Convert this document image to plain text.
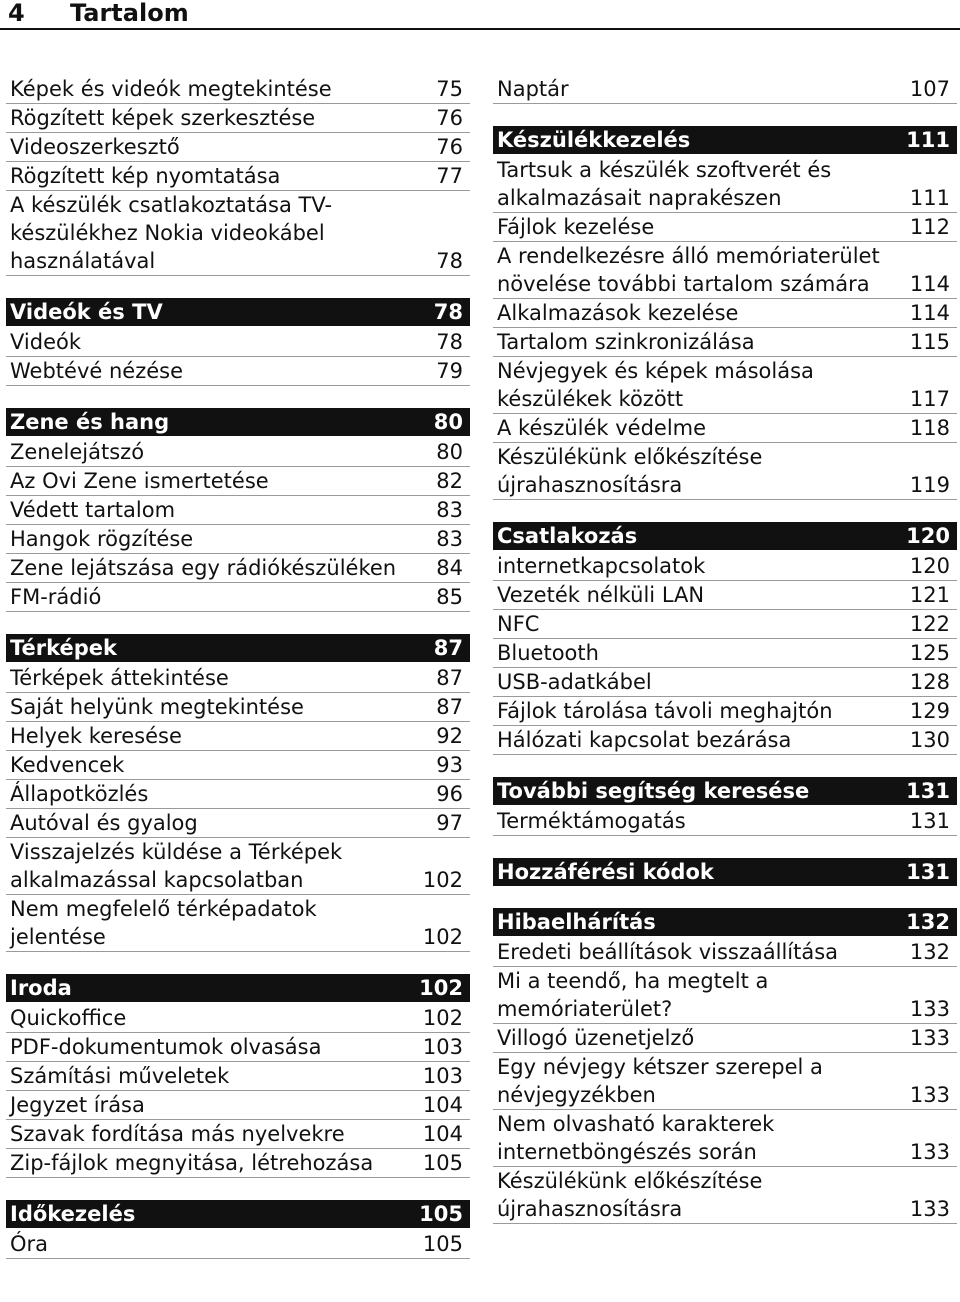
4 Tartalom
Képek és videók megtekintése	75
Rögzített képek szerkesztése	76
Videoszerkesztő	76
Rögzített kép nyomtatása	77
A készülék csatlakoztatása TV-
készülékhez Nokia videokábel
használatával	78
Videók és TV	78
Videók	78
Webtévé nézése	79
Zene és hang	80
Zenelejátszó	80
Az Ovi Zene ismertetése	82
Védett tartalom	83
Hangok rögzítése	83
Zene lejátszása egy rádiókészüléken	84
FM-rádió	85
Térképek	87
Térképek áttekintése	87
Saját helyünk megtekintése	87
Helyek keresése	92
Kedvencek	93
Állapotközlés	96
Autóval és gyalog	97
Visszajelzés küldése a Térképek
alkalmazással kapcsolatban	102
Nem megfelelő térképadatok
jelentése	102
Iroda	102
Quickoffice	102
PDF-dokumentumok olvasása	103
Számítási műveletek	103
Jegyzet írása	104
Szavak fordítása más nyelvekre	104
Zip-fájlok megnyitása, létrehozása	105
Időkezelés	105
Óra	105
Naptár	107
Készülékkezelés	111
Tartsuk a készülék szoftverét és
alkalmazásait naprakészen	111
Fájlok kezelése	112
A rendelkezésre álló memóriaterület
növelése további tartalom számára	114
Alkalmazások kezelése	114
Tartalom szinkronizálása	115
Névjegyek és képek másolása
készülékek között	117
A készülék védelme	118
Készülékünk előkészítése
újrahasznosításra	119
Csatlakozás	120
internetkapcsolatok	120
Vezeték nélküli LAN	121
NFC	122
Bluetooth	125
USB-adatkábel	128
Fájlok tárolása távoli meghajtón	129
Hálózati kapcsolat bezárása	130
További segítség keresése	131
Terméktámogatás	131
Hozzáférési kódok	131
Hibaelhárítás	132
Eredeti beállítások visszaállítása	132
Mi a teendő, ha megtelt a
memóriaterület?	133
Villogó üzenetjelző	133
Egy névjegy kétszer szerepel a
névjegyzékben	133
Nem olvasható karakterek
internetböngészés során	133
Készülékünk előkészítése
újrahasznosításra	133
